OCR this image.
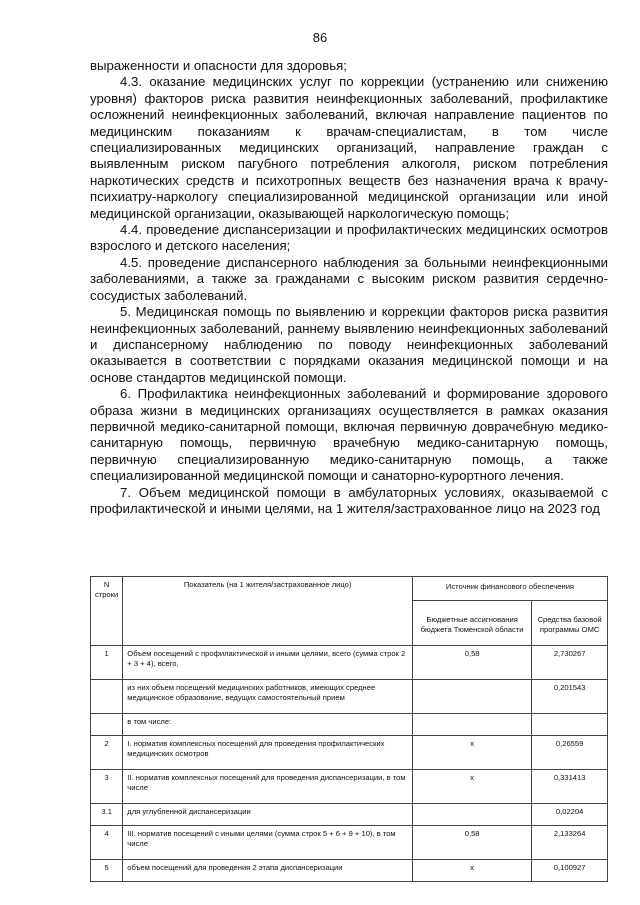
86

выраженности и опасности для здоровья;

4.3. оказание медицинских услуг по коррекции (устранению или снижению уровня) факторов риска развития неинфекционных заболеваний, профилактике осложнений неинфекционных заболеваний, включая направление пациентов по медицинским показаниям к врачам-специалистам, в том числе специализированных медицинских организаций, направление граждан с выявленным риском пагубного потребления алкоголя, риском потребления наркотических средств и психотропных веществ без назначения врача к врачу-психиатру-наркологу специализированной медицинской организации или иной медицинской организации, оказывающей наркологическую помощь;

4.4. проведение диспансеризации и профилактических медицинских осмотров взрослого и детского населения;

4.5. проведение диспансерного наблюдения за больными неинфекционными заболеваниями, а также за гражданами с высоким риском развития сердечно-сосудистых заболеваний.

5. Медицинская помощь по выявлению и коррекции факторов риска развития неинфекционных заболеваний, раннему выявлению неинфекционных заболеваний и диспансерному наблюдению по поводу неинфекционных заболеваний оказывается в соответствии с порядками оказания медицинской помощи и на основе стандартов медицинской помощи.

6. Профилактика неинфекционных заболеваний и формирование здорового образа жизни в медицинских организациях осуществляется в рамках оказания первичной медико-санитарной помощи, включая первичную доврачебную медико-санитарную помощь, первичную врачебную медико-санитарную помощь, первичную специализированную медико-санитарную помощь, а также специализированной медицинской помощи и санаторно-курортного лечения.

7. Объем медицинской помощи в амбулаторных условиях, оказываемой с профилактической и иными целями, на 1 жителя/застрахованное лицо на 2023 год

N строки	Показатель (на 1 жителя/застрахованное лицо)	Источник финансового обеспечения	
		Бюджетные ассигнования бюджета Тюменской области	Средства базовой программы ОМС
1	Объем посещений с профилактической и иными целями, всего (сумма строк 2 + 3 + 4), всего,	0,58	2,730267
	из них объем посещений медицинских работников, имеющих среднее медицинское образование, ведущих самостоятельный прием		0,201543
	в том числе:		
2	I. норматив комплексных посещений для проведения профилактических медицинских осмотров	x	0,26559
3	II. норматив комплексных посещений для проведения диспансеризации, в том числе	x	0,331413
3.1	для углубленной диспансеризации		0,02204
4	III. норматив посещений с иными целями (сумма строк 5 + 6 + 9 + 10), в том числе	0,58	2,133264
5	объем посещений для проведения 2 этапа диспансеризации	x	0,100927
